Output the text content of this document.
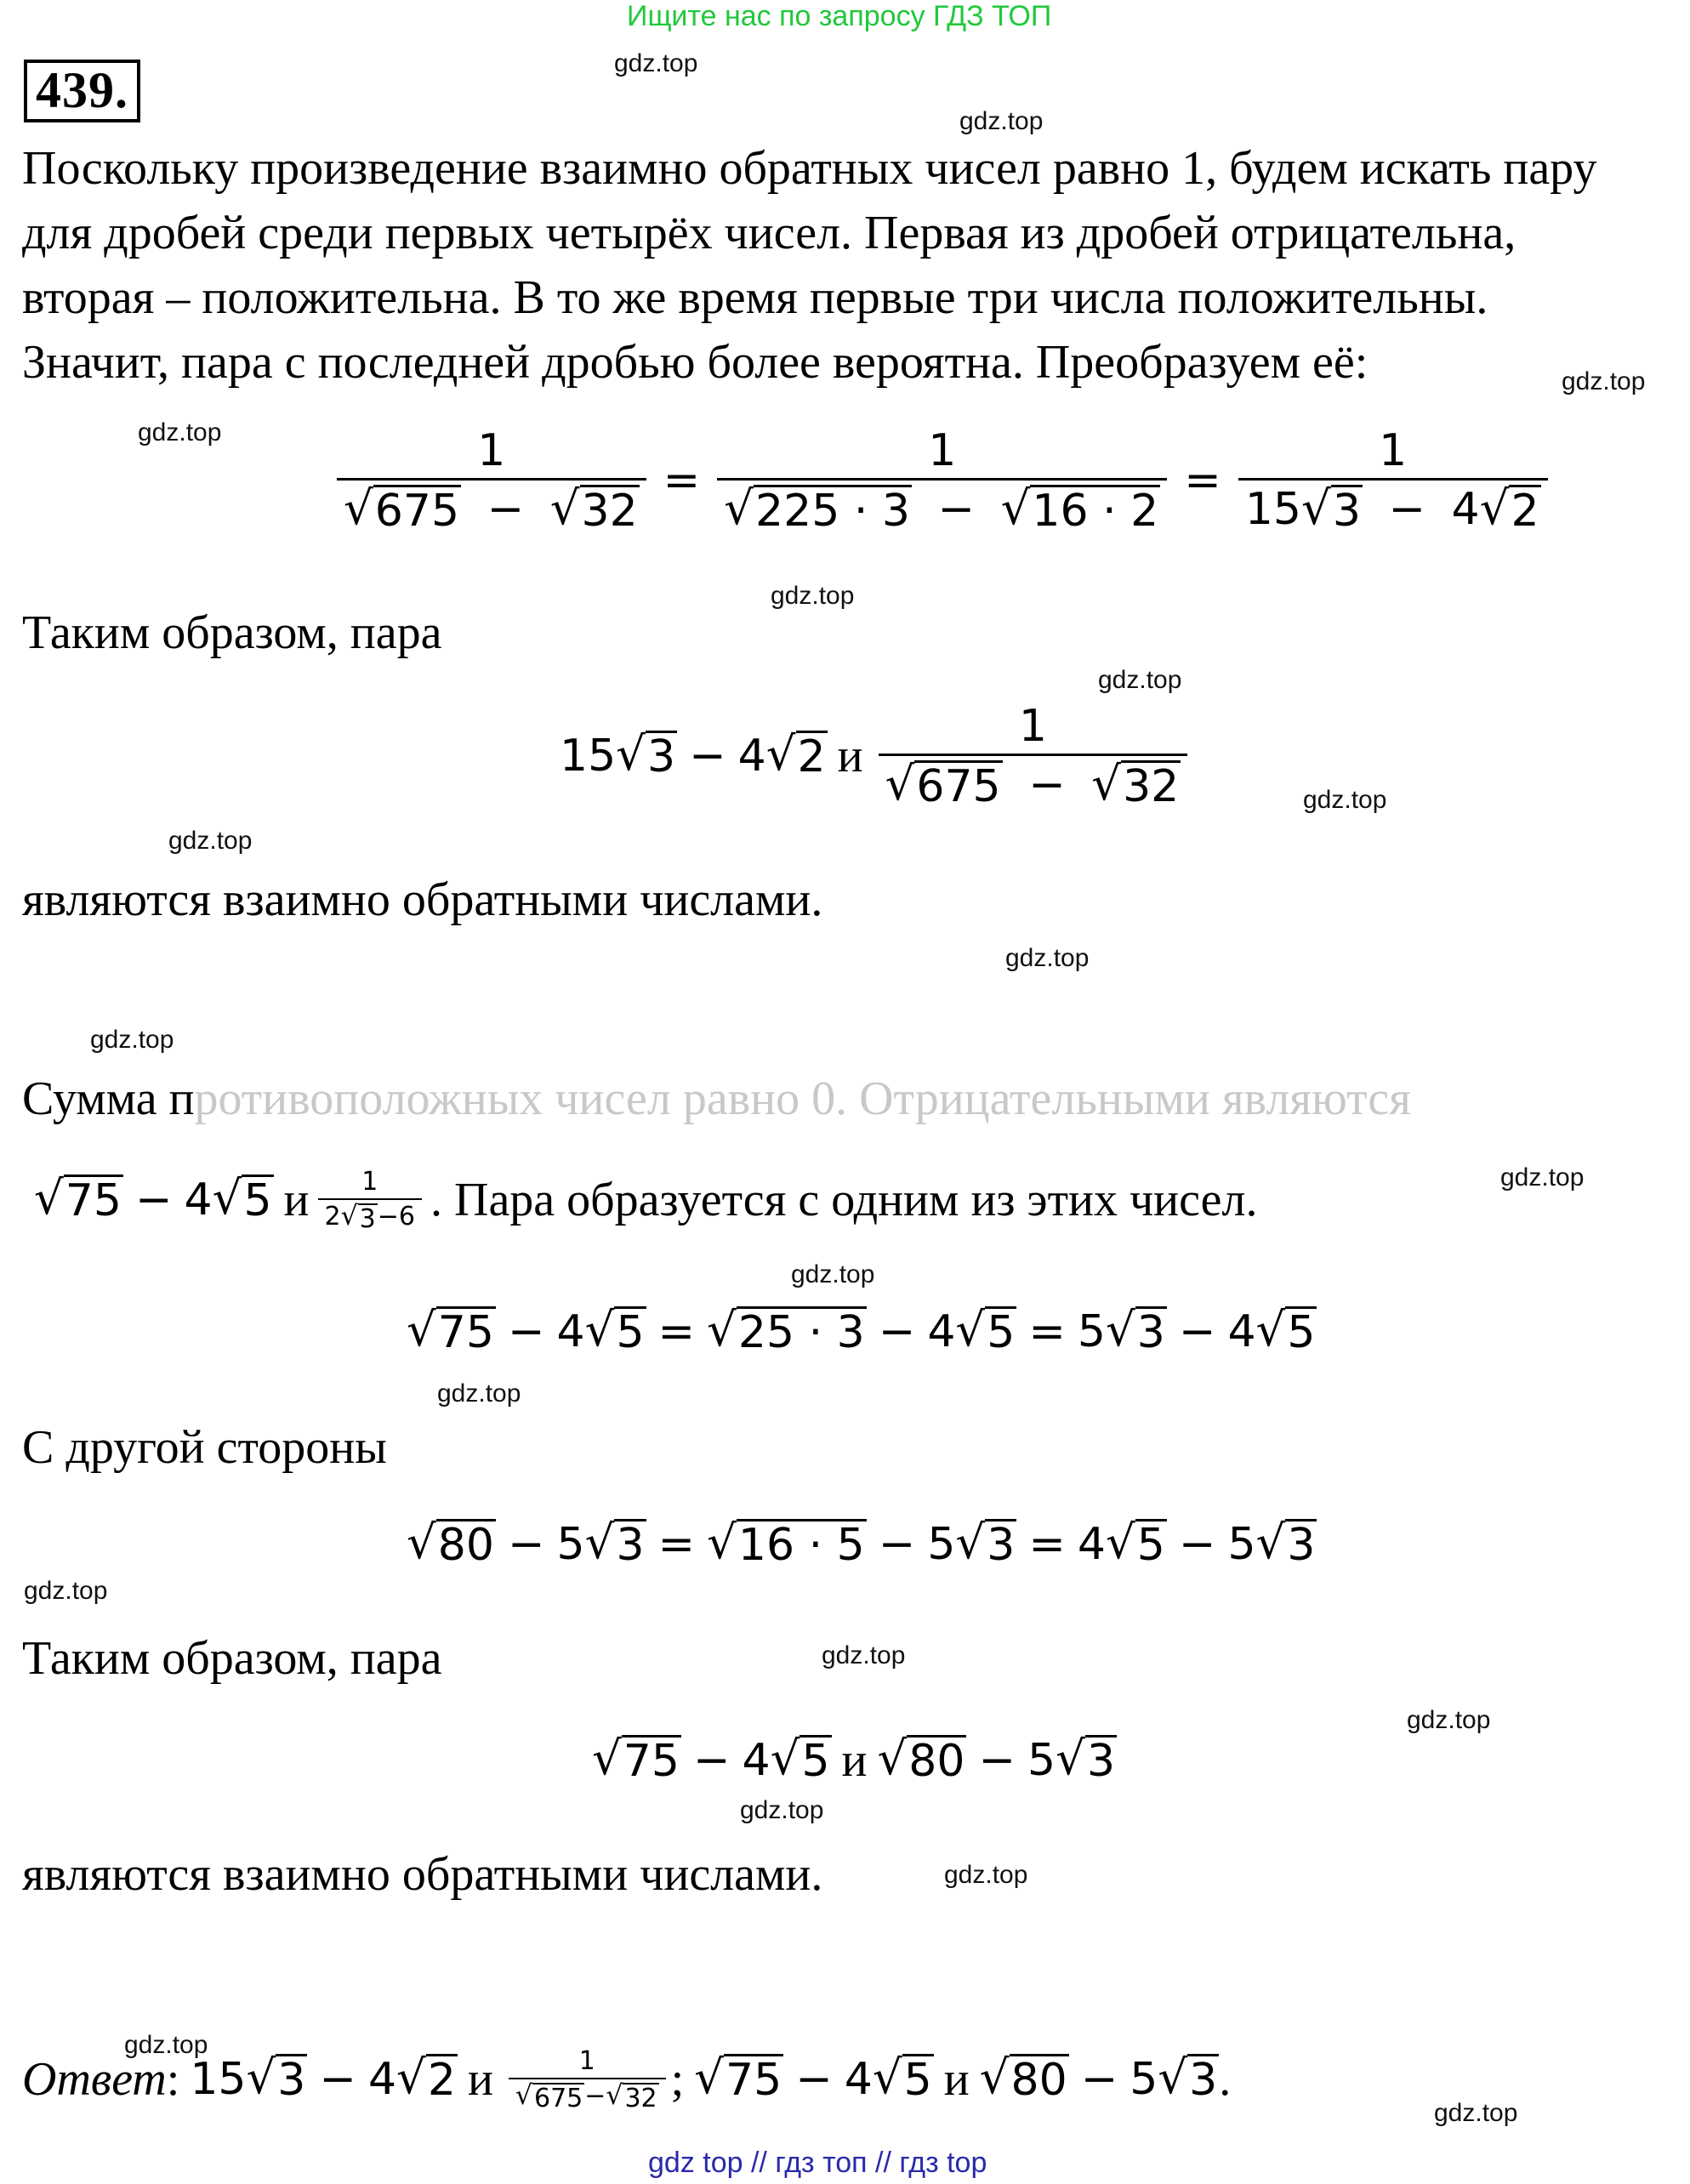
Ищите нас по запросу ГДЗ ТОП
439.	gdz.top
gdz.top
gdz.top
gdz.top
gdz.top
gdz.top
gdz.top
gdz.top
gdz.top
gdz.top
gdz.top
gdz.top
gdz.top
gdz.top
gdz.top
gdz.top
gdz.top
gdz.top
gdz.top
gdz.top
Поскольку произведение взаимно обратных чисел равно 1, будем искать пару
для дробей среди первых четырёх чисел. Первая из дробей отрицательна,
вторая – положительна. В то же время первые три числа положительны.
Значит, пара с последней дробью более вероятна. Преобразуем её:
$\frac{1}{√ 675 - √ 32} = \frac{1}{√ 225 \cdot 3 - √ 16 \cdot 2} = \frac{1}{15 √ 3 - 4 √ 2}$
Таким образом, пара
15 √ 3 − 4 √ 2 и $\frac{1}{√ 675 - √ 32}$
являются взаимно обратными числами.
Сумма противоположных чисел равно 0. Отрицательными являются
√ 75 − 4 √ 5 и $\frac{1}{2 √ 3 -6}$ . Пара образуется с одним из этих чисел.
√ 75 − 4 √ 5 = √ 25 · 3 − 4 √ 5 = 5 √ 3 − 4 √ 5
С другой стороны
√ 80 − 5 √ 3 = √ 16 · 5 − 5 √ 3 = 4 √ 5 − 5 √ 3
Таким образом, пара
√ 75 − 4 √ 5 и √ 80 − 5 √ 3
являются взаимно обратными числами.
Ответ : 15 √ 3 − 4 √ 2 и $\frac{1}{√ 675 - √ 32}$ ; √ 75 − 4 √ 5 и √ 80 − 5 √ 3 .
gdz top // гдз топ // гдз top
